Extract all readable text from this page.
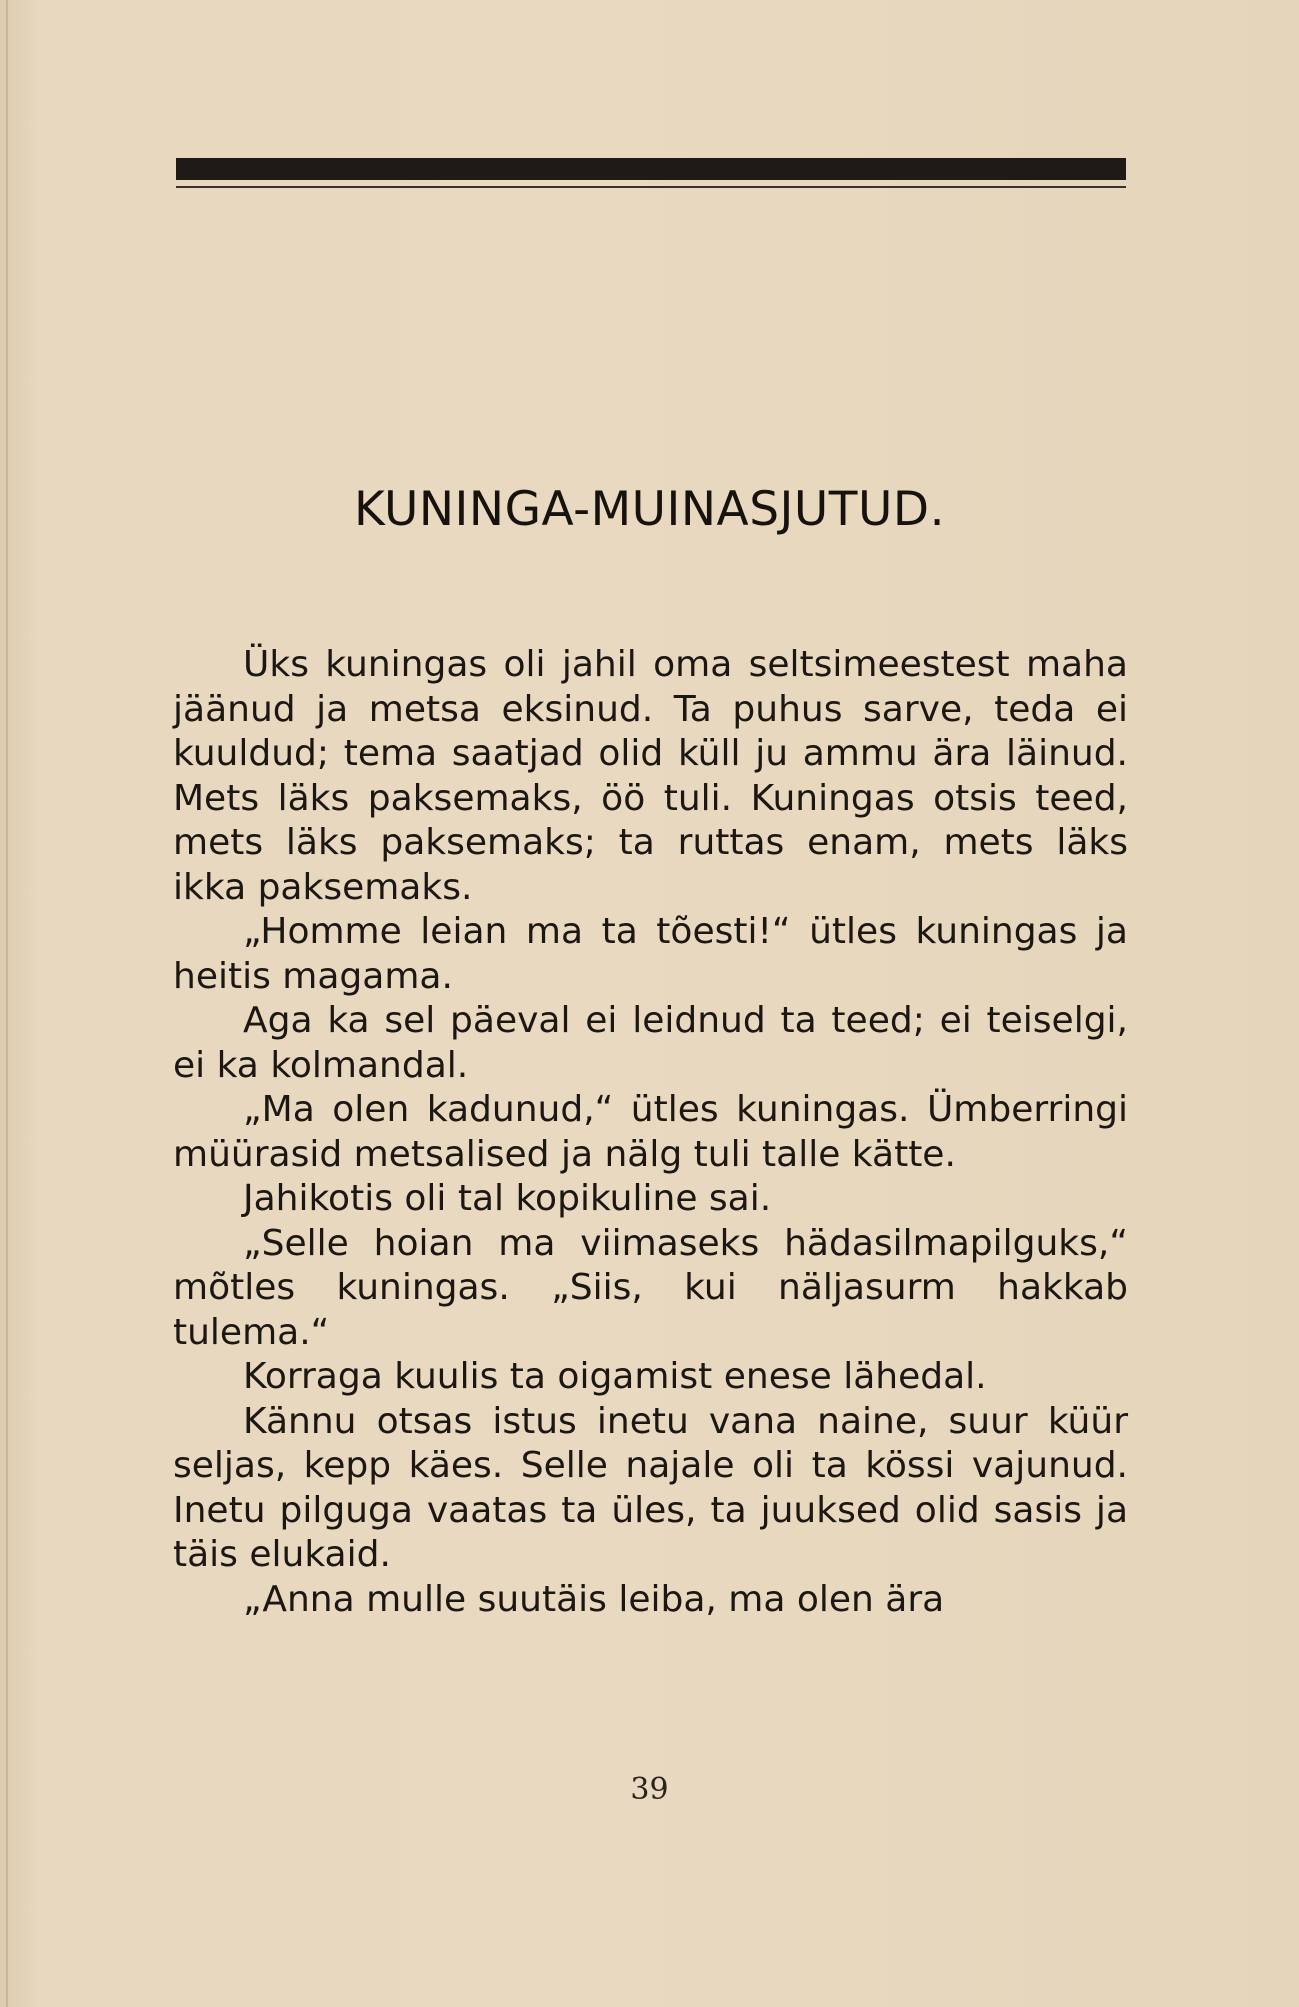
KUNINGA-MUINASJUTUD.

Üks kuningas oli jahil oma seltsimeestest maha jäänud ja metsa eksinud. Ta puhus sarve, teda ei kuuldud; tema saatjad olid küll ju ammu ära läinud. Mets läks paksemaks, öö tuli. Kuningas otsis teed, mets läks paksemaks; ta ruttas enam, mets läks ikka paksemaks.

„Homme leian ma ta tõesti!“ ütles kuningas ja heitis magama.

Aga ka sel päeval ei leidnud ta teed; ei teiselgi, ei ka kolmandal.

„Ma olen kadunud,“ ütles kuningas. Ümberringi müürasid metsalised ja nälg tuli talle kätte.

Jahikotis oli tal kopikuline sai.

„Selle hoian ma viimaseks hädasilmapilguks,“ mõtles kuningas. „Siis, kui näljasurm hakkab tulema.“

Korraga kuulis ta oigamist enese lähedal.

Kännu otsas istus inetu vana naine, suur küür seljas, kepp käes. Selle najale oli ta kössi vajunud. Inetu pilguga vaatas ta üles, ta juuksed olid sasis ja täis elukaid.

„Anna mulle suutäis leiba, ma olen ära

39
